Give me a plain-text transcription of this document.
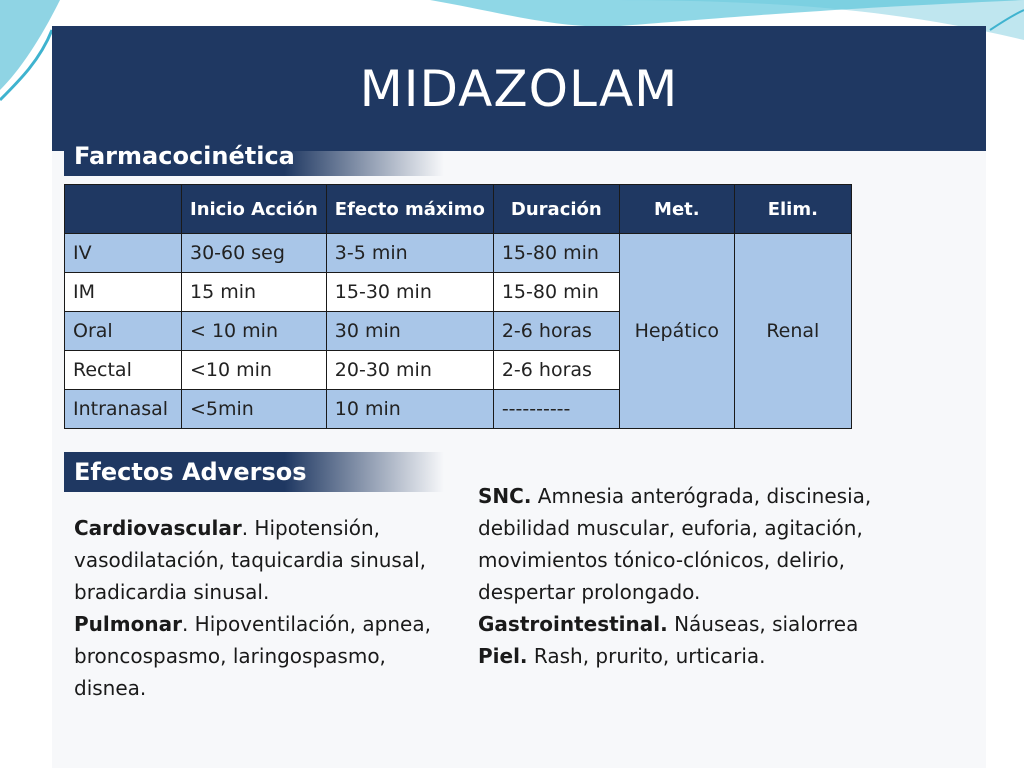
MIDAZOLAM
Farmacocinética
	Inicio Acción	Efecto máximo	Duración	Met.	Elim.
IV	30-60 seg	3-5 min	15-80 min	Hepático	Renal
IM	15 min	15-30 min	15-80 min		
Oral	< 10 min	30 min	2-6 horas		
Rectal	<10 min	20-30 min	2-6 horas		
Intranasal	<5min	10 min	----------		
Efectos Adversos

Cardiovascular. Hipotensión, vasodilatación, taquicardia sinusal, bradicardia sinusal.

Pulmonar. Hipoventilación, apnea, broncospasmo, laringospasmo, disnea.

SNC. Amnesia anterógrada, discinesia, debilidad muscular, euforia, agitación, movimientos tónico-clónicos, delirio, despertar prolongado.

Gastrointestinal. Náuseas, sialorrea

Piel. Rash, prurito, urticaria.
